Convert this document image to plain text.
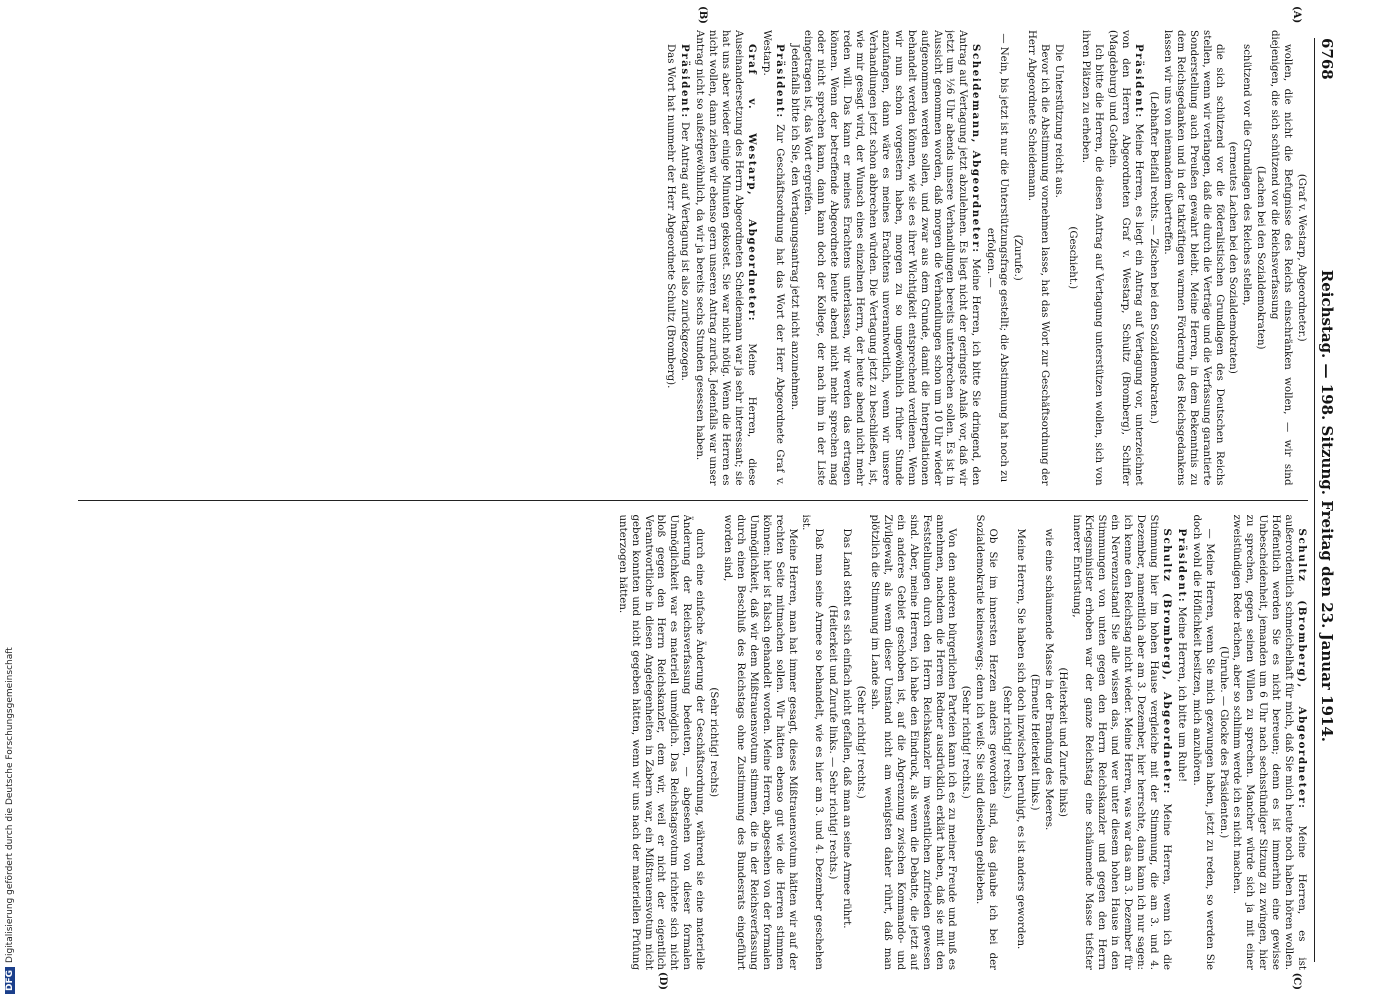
6768
Reichstag. — 198. Sitzung. Freitag den 23. Januar 1914.
(A)
(B)
(C)
(D)

(Graf v. Westarp, Abgeordneter.)

wollen, die nicht die Befugnisse des Reichs einschränken wollen, — wir sind diejenigen, die sich schützend vor die Reichsverfassung

(Lachen bei den Sozialdemokraten)

schützend vor die Grundlagen des Reiches stellen,

(erneutes Lachen bei den Sozialdemokraten)

die sich schützend vor die föderalistischen Grundlagen des Deutschen Reichs stellen, wenn wir verlangen, daß die durch die Verträge und die Verfassung garantierte Sonderstellung auch Preußen gewahrt bleibt. Meine Herren, in dem Bekenntnis zu dem Reichsgedanken und in der tatkräftigen warmen Förderung des Reichsgedankens lassen wir uns von niemandem übertreffen.

(Lebhafter Beifall rechts. — Zischen bei den Sozialdemokraten.)

Präsident: Meine Herren, es liegt ein Antrag auf Vertagung vor, unterzeichnet von den Herren Abgeordneten Graf v. Westarp, Schultz (Bromberg), Schiffer (Magdeburg) und Gothein.

Ich bitte die Herren, die diesen Antrag auf Vertagung unterstützen wollen, sich von ihren Plätzen zu erheben.

(Geschieht.)

Die Unterstützung reicht aus.

Bevor ich die Abstimmung vornehmen lasse, hat das Wort zur Geschäftsordnung der Herr Abgeordnete Scheidemann.

(Zurufe.)

— Nein, bis jetzt ist nur die Unterstützungsfrage gestellt; die Abstimmung hat noch zu erfolgen. —

Scheidemann, Abgeordneter: Meine Herren, ich bitte Sie dringend, den Antrag auf Vertagung jetzt abzulehnen. Es liegt nicht der geringste Anlaß vor, daß wir jetzt um ½6 Uhr abends unsere Verhandlungen bereits unterbrechen sollen. Es ist in Aussicht genommen worden, daß morgen die Verhandlungen schon um 10 Uhr wieder aufgenommen werden sollen, und zwar aus dem Grunde, damit die Interpellationen behandelt werden können, wie sie es ihrer Wichtigkeit entsprechend verdienen. Wenn wir nun schon vorgestern haben, morgen zu so ungewöhnlich früher Stunde anzufangen, dann wäre es meines Erachtens unverantwortlich, wenn wir unsere Verhandlungen jetzt schon abbrechen würden. Die Vertagung jetzt zu beschließen, ist, wie mir gesagt wird, der Wunsch eines einzelnen Herrn, der heute abend nicht mehr reden will. Das kann er meines Erachtens unterlassen, wir werden das ertragen können. Wenn der betreffende Abgeordnete heute abend nicht mehr sprechen mag oder nicht sprechen kann, dann kann doch der Kollege, der nach ihm in der Liste eingetragen ist, das Wort ergreifen.

Jedenfalls bitte ich Sie, den Vertagungsantrag jetzt nicht anzunehmen.

Präsident: Zur Geschäftsordnung hat das Wort der Herr Abgeordnete Graf v. Westarp.

Graf v. Westarp, Abgeordneter: Meine Herren, diese Auseinandersetzung des Herrn Abgeordneten Scheidemann war ja sehr interessant; sie hat uns aber wieder einige Minuten gekostet. Sie war nicht nötig. Wenn die Herren es nicht wollen, dann ziehen wir ebenso gern unseren Antrag zurück. Jedenfalls war unser Antrag nicht so außergewöhnlich, da wir ja bereits sechs Stunden gesessen haben.

Präsident: Der Antrag auf Vertagung ist also zurückgezogen.

Das Wort hat nunmehr der Herr Abgeordnete Schultz (Bromberg).

Schultz (Bromberg), Abgeordneter: Meine Herren, es ist außerordentlich schmeichelhaft für mich, daß Sie mich heute noch haben hören wollen. Hoffentlich werden Sie es nicht bereuen; denn es ist immerhin eine gewisse Unbescheidenheit, jemanden um 6 Uhr nach sechsstündiger Sitzung zu zwingen, hier zu sprechen, gegen seinen Willen zu sprechen. Mancher würde sich ja mit einer zweistündigen Rede rächen, aber so schlimm werde ich es nicht machen.

(Unruhe. — Glocke des Präsidenten.)

— Meine Herren, wenn Sie mich gezwungen haben, jetzt zu reden, so werden Sie doch wohl die Höflichkeit besitzen, mich anzuhören.

Präsident: Meine Herren, ich bitte um Ruhe!

Schultz (Bromberg), Abgeordneter: Meine Herren, wenn ich die Stimmung hier im hohen Hause vergleiche mit der Stimmung, die am 3. und 4. Dezember, namentlich aber am 3. Dezember, hier herrschte, dann kann ich nur sagen: ich kenne den Reichstag nicht wieder. Meine Herren, was war das am 3. Dezember für ein Nervenzustand! Sie alle wissen das, und wer unter diesem hohen Hause in den Stimmungen von unten gegen den Herrn Reichskanzler und gegen den Herrn Kriegsminister erhoben war der ganze Reichstag eine schäumende Masse tiefster innerer Entrüstung,

(Heiterkeit und Zurufe links)

wie eine schäumende Masse in der Brandung des Meeres.

(Erneute Heiterkeit links.)

Meine Herren, Sie haben sich doch inzwischen beruhigt, es ist anders geworden.

(Sehr richtig! rechts.)

Ob Sie im innersten Herzen anders geworden sind, das glaube ich bei der Sozialdemokratie keineswegs; denn ich weiß: Sie sind dieselben geblieben.

(Sehr richtig! rechts.)

Von den anderen bürgerlichen Parteien kann ich es zu meiner Freude und muß es annehmen, nachdem die Herren Redner ausdrücklich erklärt haben, daß sie mit den Feststellungen durch den Herrn Reichskanzler im wesentlichen zufrieden gewesen sind. Aber, meine Herren, ich habe den Eindruck, als wenn die Debatte, die jetzt auf ein anderes Gebiet geschoben ist, auf die Abgrenzung zwischen Kommando- und Zivilgewalt, als wenn dieser Umstand nicht am wenigsten daher rührt, daß man plötzlich die Stimmung im Lande sah.

(Sehr richtig! rechts.)

Das Land steht es sich einfach nicht gefallen, daß man an seine Armee rührt.

(Heiterkeit und Zurufe links. — Sehr richtig! rechts.)

Daß man seine Armee so behandelt, wie es hier am 3. und 4. Dezember geschehen ist.

Meine Herren, man hat immer gesagt, dieses Mißtrauensvotum hätten wir auf der rechten Seite mitmachen sollen. Wir hätten ebenso gut wie die Herren stimmen können: hier ist falsch gehandelt worden. Meine Herren, abgesehen von der formalen Unmöglichkeit, daß wir dem Mißtrauensvotum stimmen, die in der Reichsverfassung durch einen Beschluß des Reichstags ohne Zustimmung des Bundesrats eingeführt worden sind,

(Sehr richtig! rechts)

durch eine einfache Änderung der Geschäftsordnung, während sie eine materielle Änderung der Reichsverfassung bedeuten, — abgesehen von dieser formalen Unmöglichkeit war es materiell unmöglich. Das Reichstagsvotum richtete sich nicht bloß gegen den Herrn Reichskanzler, dem wir, weil er nicht der eigentlich Verantwortliche in diesen Angelegenheiten in Zabern war, ein Mißtrauensvotum nicht geben konnten und nicht gegeben hätten, wenn wir uns nach der materiellen Prüfung unterzogen hätten.

DFG
Digitalisierung gefördert durch die Deutsche Forschungsgemeinschaft
